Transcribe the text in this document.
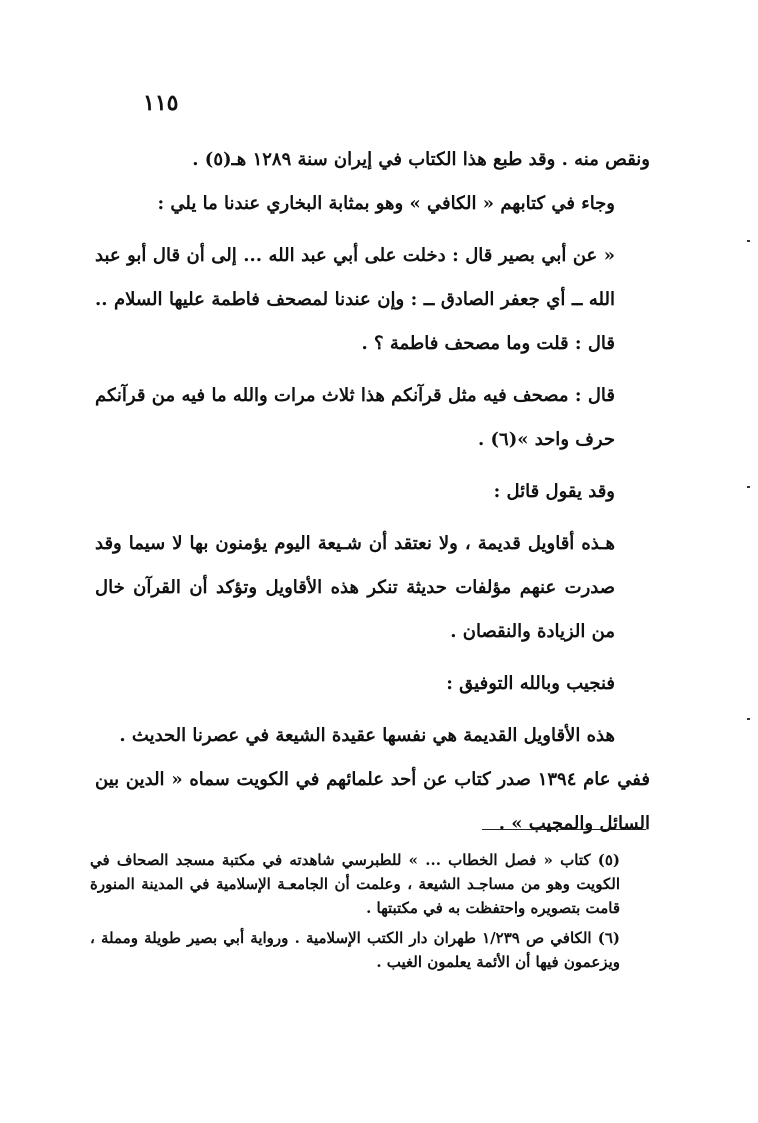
١١٥

ونقص منه . وقد طبع هذا الكتاب في إيران سنة ١٢٨٩ هـ(٥) .

وجاء في كتابهم « الكافي » وهو بمثابة البخاري عندنا ما يلي :

« عن أبي بصير قال : دخلت على أبي عبد الله ... إلى أن قال أبو عبد الله ــ أي جعفر الصادق ــ : وإن عندنا لمصحف فاطمة عليها السلام .. قال : قلت وما مصحف فاطمة ؟ .

قال : مصحف فيه مثل قرآنكم هذا ثلاث مرات والله ما فيه من قرآنكم حرف واحد »(٦) .

وقد يقول قائل :

هـذه أقاويل قديمة ، ولا نعتقد أن شـيعة اليوم يؤمنون بها لا سيما وقد صدرت عنهم مؤلفات حديثة تنكر هذه الأقاويل وتؤكد أن القرآن خال من الزيادة والنقصان .

فنجيب وبالله التوفيق :

هذه الأقاويل القديمة هي نفسها عقيدة الشيعة في عصرنا الحديث .

ففي عام ١٣٩٤ صدر كتاب عن أحد علمائهم في الكويت سماه « الدين بين السائل والمجيب » .

(٥) كتاب « فصل الخطاب ... » للطبرسي شاهدته في مكتبة مسجد الصحاف في الكويت وهو من مساجـد الشيعة ، وعلمت أن الجامعـة الإسلامية في المدينة المنورة قامت بتصويره واحتفظت به في مكتبتها .

(٦) الكافي ص ١/٢٣٩ طهران دار الكتب الإسلامية . ورواية أبي بصير طويلة ومملة ، ويزعمون فيها أن الأئمة يعلمون الغيب .
